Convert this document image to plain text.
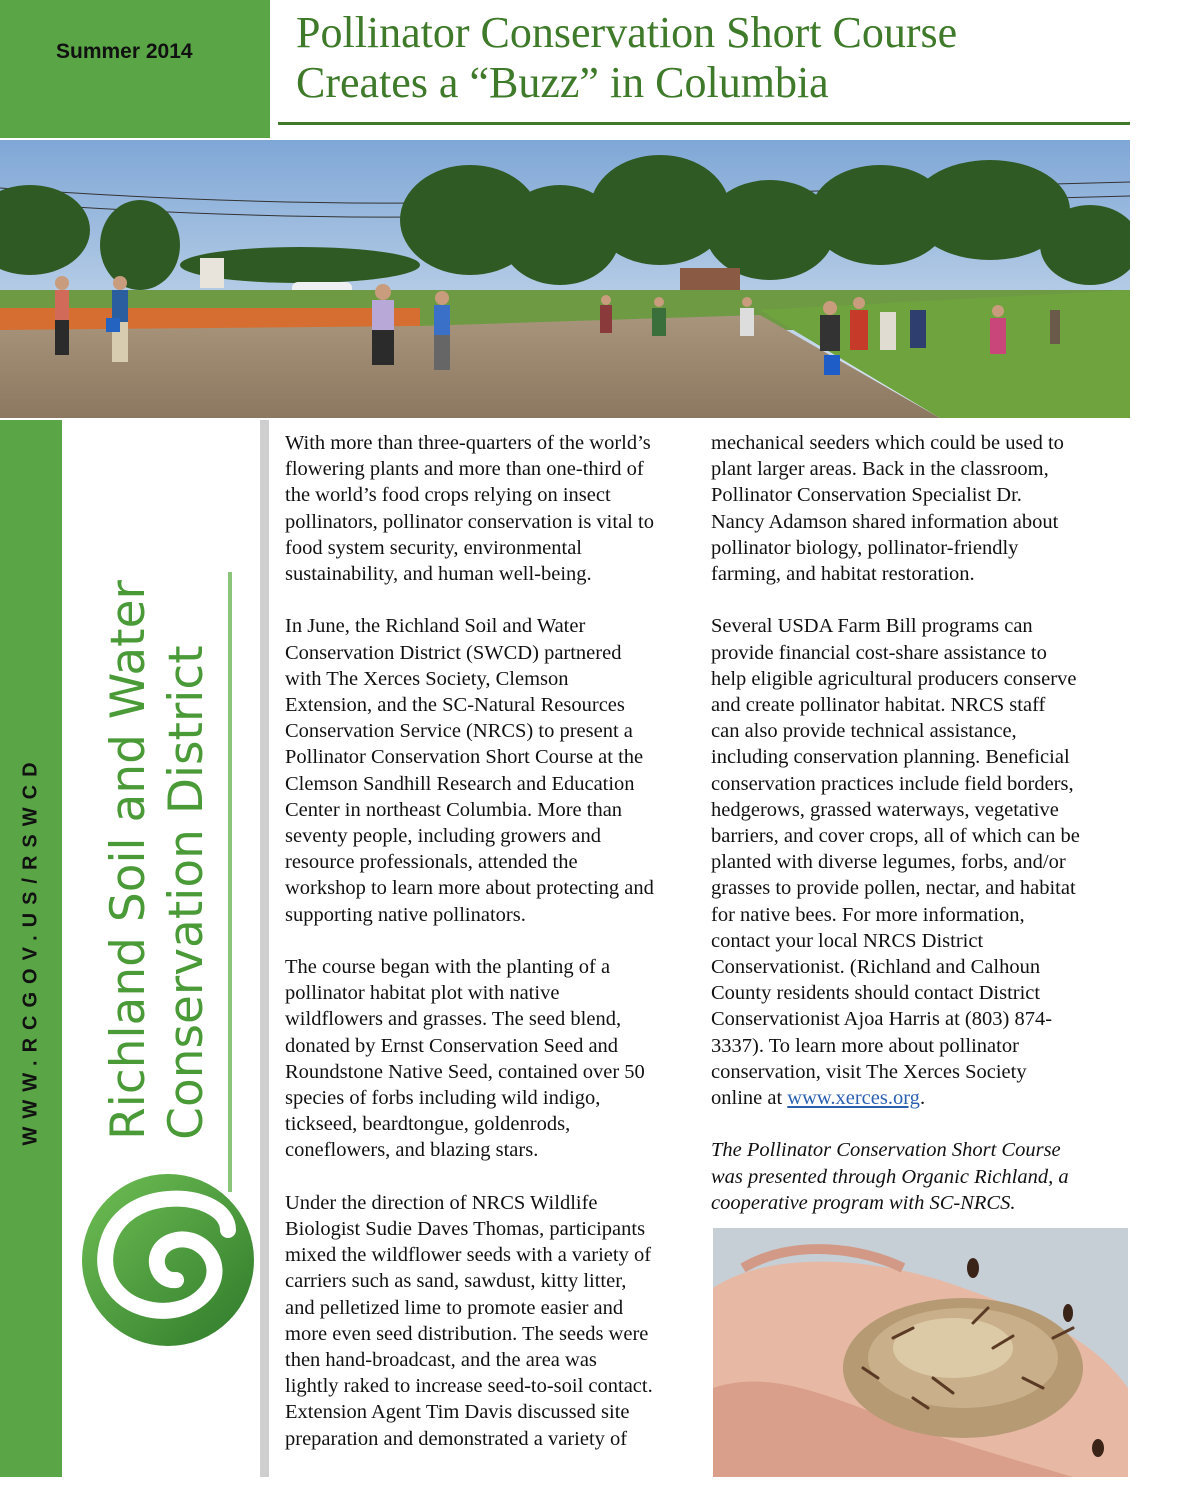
Summer 2014 Pollinator Conservation Short Course
Creates a “Buzz” in Columbia
WWW.RCGOV.US/RSWCD Richland Soil and Water Conservation District

With more than three-quarters of the world’s
flowering plants and more than one-third of
the world’s food crops relying on insect
pollinators, pollinator conservation is vital to
food system security, environmental
sustainability, and human well-being.

In June, the Richland Soil and Water
Conservation District (SWCD) partnered
with The Xerces Society, Clemson
Extension, and the SC-Natural Resources
Conservation Service (NRCS) to present a
Pollinator Conservation Short Course at the
Clemson Sandhill Research and Education
Center in northeast Columbia. More than
seventy people, including growers and
resource professionals, attended the
workshop to learn more about protecting and
supporting native pollinators.

The course began with the planting of a
pollinator habitat plot with native
wildflowers and grasses. The seed blend,
donated by Ernst Conservation Seed and
Roundstone Native Seed, contained over 50
species of forbs including wild indigo,
tickseed, beardtongue, goldenrods,
coneflowers, and blazing stars.

Under the direction of NRCS Wildlife
Biologist Sudie Daves Thomas, participants
mixed the wildflower seeds with a variety of
carriers such as sand, sawdust, kitty litter,
and pelletized lime to promote easier and
more even seed distribution. The seeds were
then hand-broadcast, and the area was
lightly raked to increase seed-to-soil contact.
Extension Agent Tim Davis discussed site
preparation and demonstrated a variety of

mechanical seeders which could be used to
plant larger areas. Back in the classroom,
Pollinator Conservation Specialist Dr.
Nancy Adamson shared information about
pollinator biology, pollinator-friendly
farming, and habitat restoration.

Several USDA Farm Bill programs can
provide financial cost-share assistance to
help eligible agricultural producers conserve
and create pollinator habitat. NRCS staff
can also provide technical assistance,
including conservation planning. Beneficial
conservation practices include field borders,
hedgerows, grassed waterways, vegetative
barriers, and cover crops, all of which can be
planted with diverse legumes, forbs, and/or
grasses to provide pollen, nectar, and habitat
for native bees. For more information,
contact your local NRCS District
Conservationist. (Richland and Calhoun
County residents should contact District
Conservationist Ajoa Harris at (803) 874-
3337). To learn more about pollinator
conservation, visit The Xerces Society
online at www.xerces.org.

The Pollinator Conservation Short Course
was presented through Organic Richland, a
cooperative program with SC-NRCS.
